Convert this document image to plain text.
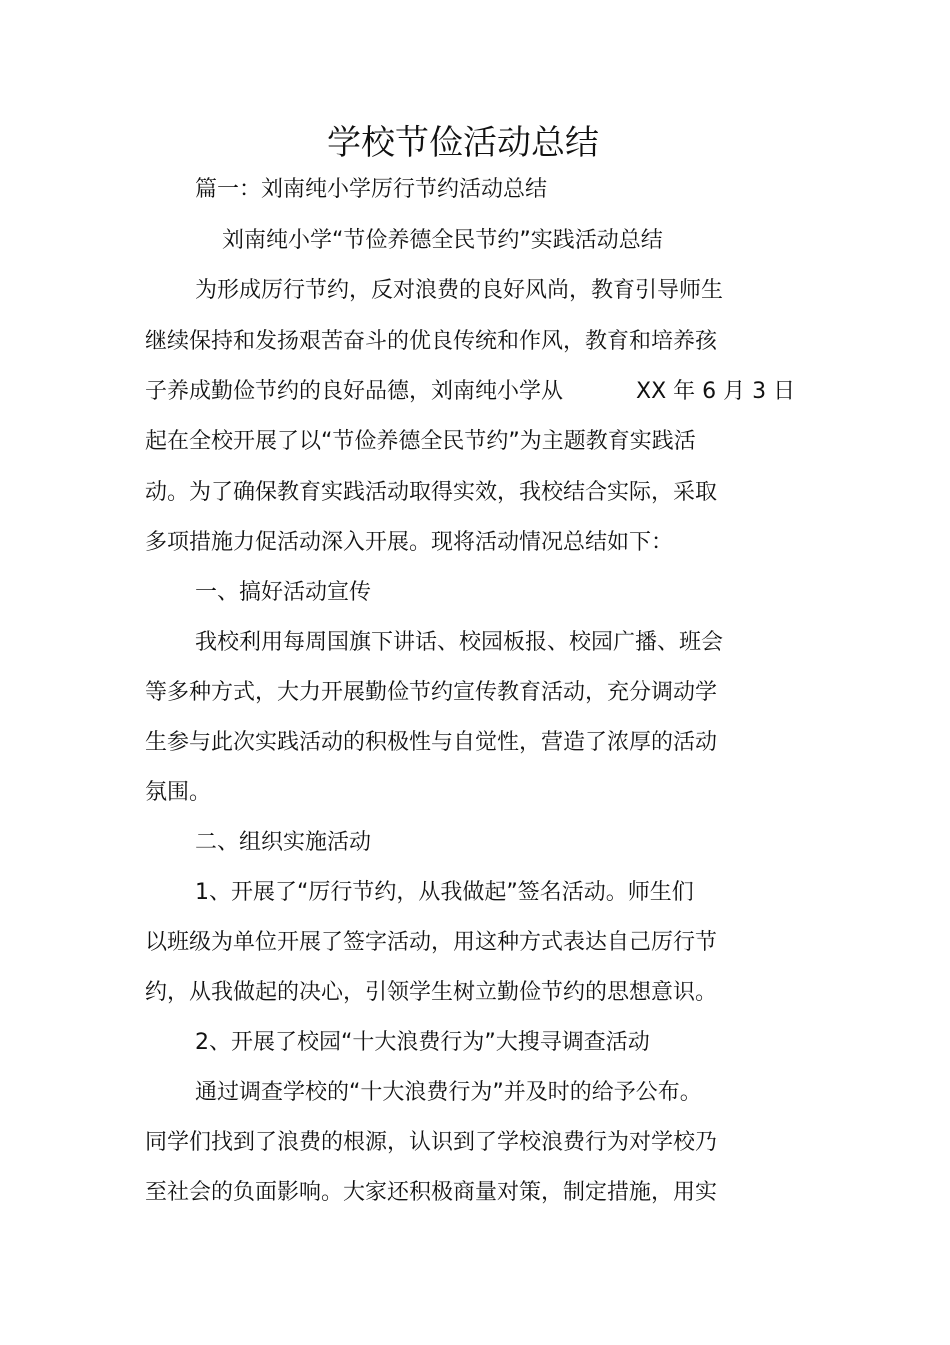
学校节俭活动总结
篇一：刘南纯小学厉行节约活动总结
刘南纯小学“节俭养德全民节约”实践活动总结
为形成厉行节约，反对浪费的良好风尚，教育引导师生
继续保持和发扬艰苦奋斗的优良传统和作风，教育和培养孩
子养成勤俭节约的良好品德，刘南纯小学从	XX 年 6 月 3 日
起在全校开展了以“节俭养德全民节约”为主题教育实践活
动。为了确保教育实践活动取得实效，我校结合实际，采取
多项措施力促活动深入开展。现将活动情况总结如下：
一、搞好活动宣传
我校利用每周国旗下讲话、校园板报、校园广播、班会
等多种方式，大力开展勤俭节约宣传教育活动，充分调动学
生参与此次实践活动的积极性与自觉性，营造了浓厚的活动
氛围。
二、组织实施活动
1、开展了“厉行节约，从我做起”签名活动。师生们
以班级为单位开展了签字活动，用这种方式表达自己厉行节
约，从我做起的决心，引领学生树立勤俭节约的思想意识。
2、开展了校园“十大浪费行为”大搜寻调查活动
通过调查学校的“十大浪费行为”并及时的给予公布。
同学们找到了浪费的根源，认识到了学校浪费行为对学校乃
至社会的负面影响。大家还积极商量对策，制定措施，用实
